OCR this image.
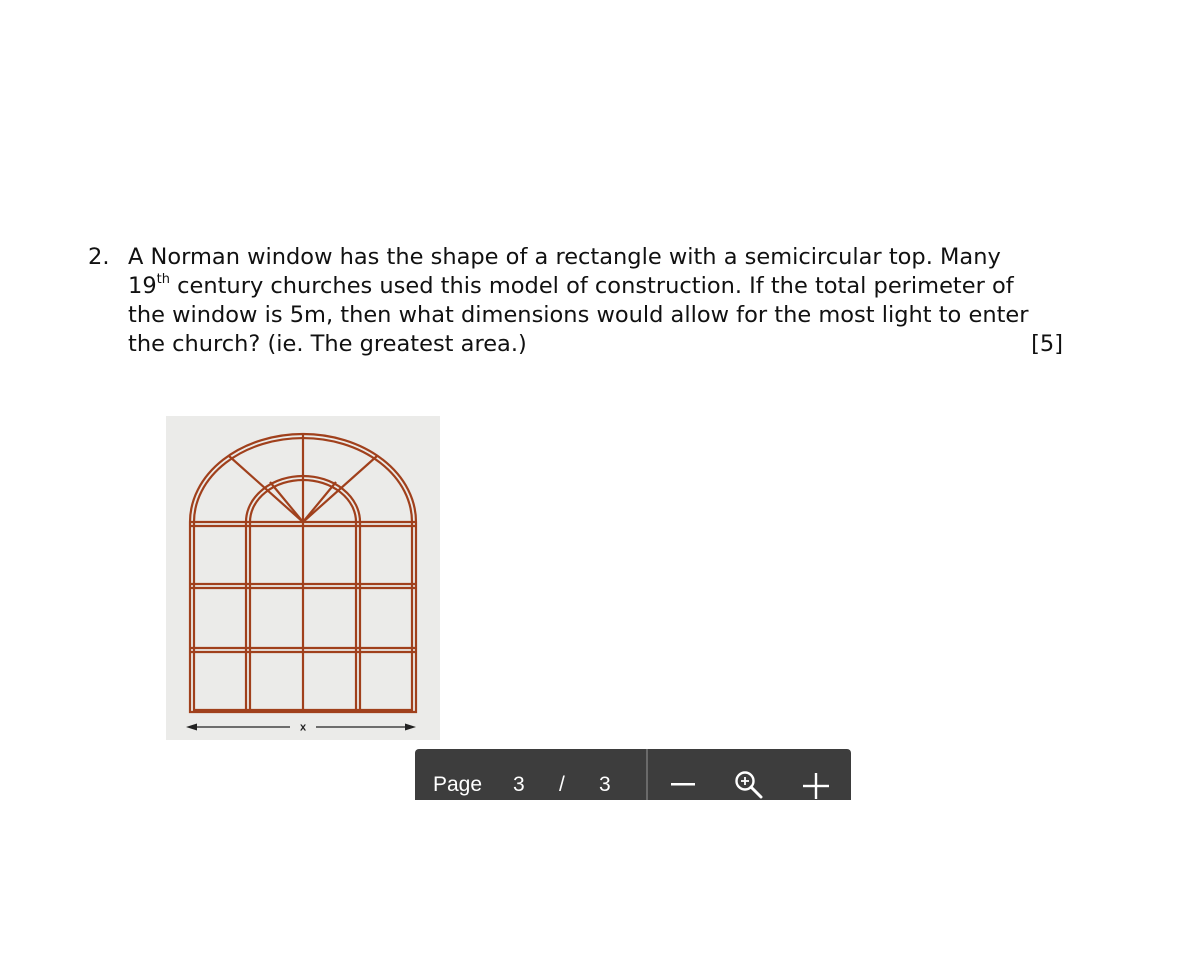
2. A Norman window has the shape of a rectangle with a semicircular top. Many
19th century churches used this model of construction. If the total perimeter of
the window is 5m, then what dimensions would allow for the most light to enter
the church? (ie. The greatest area.)	[5]
x
Page 3 / 3
